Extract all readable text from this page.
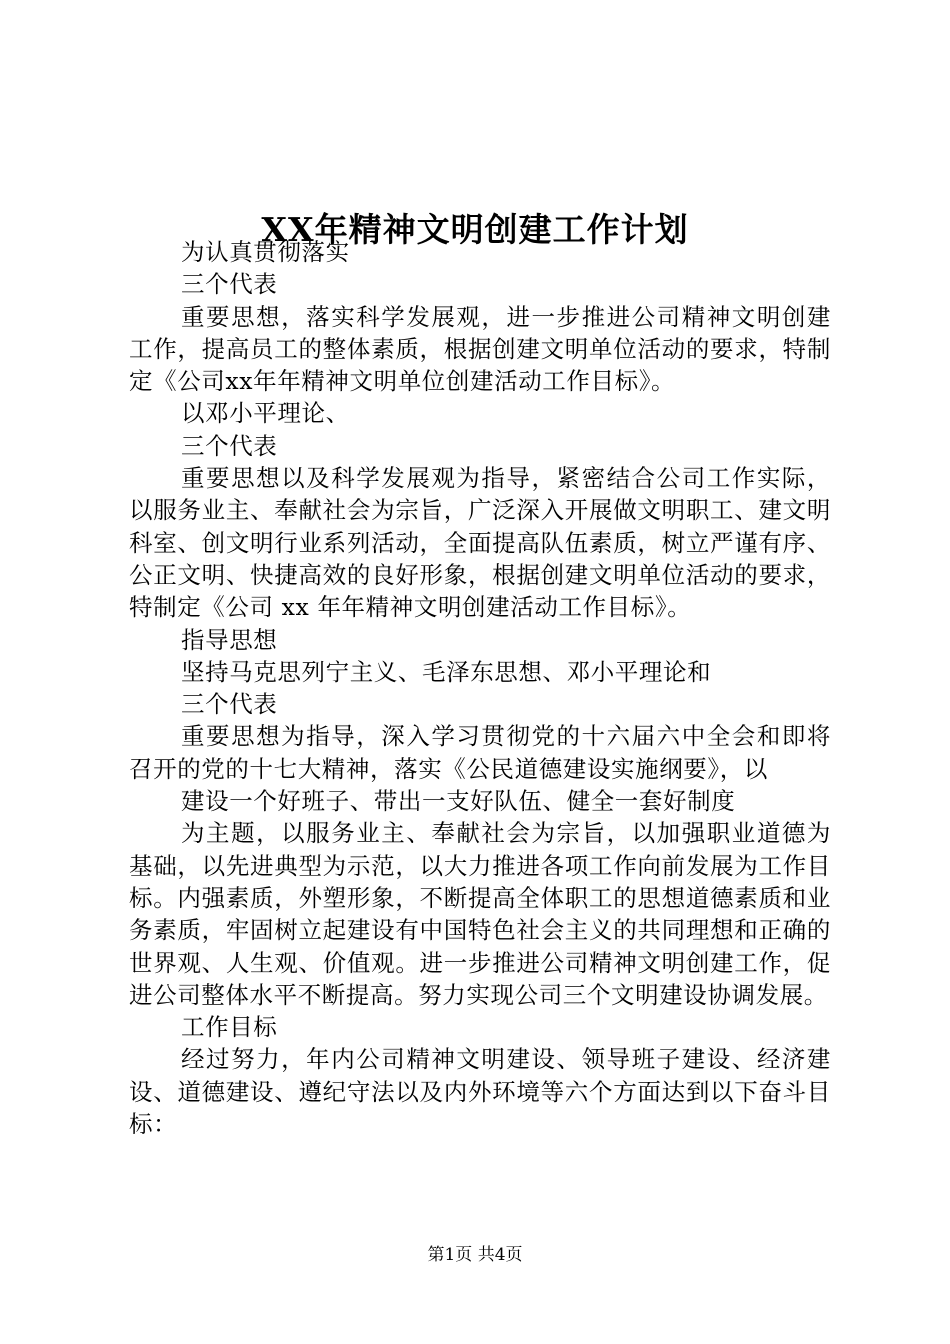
XX年精神文明创建工作计划

为认真贯彻落实

三个代表

重要思想，落实科学发展观，进一步推进公司精神文明创建工作，提高员工的整体素质，根据创建文明单位活动的要求，特制定《公司xx年年精神文明单位创建活动工作目标》。

以邓小平理论、

三个代表

重要思想以及科学发展观为指导，紧密结合公司工作实际，以服务业主、奉献社会为宗旨，广泛深入开展做文明职工、建文明科室、创文明行业系列活动，全面提高队伍素质，树立严谨有序、公正文明、快捷高效的良好形象，根据创建文明单位活动的要求，特制定《公司 xx 年年精神文明创建活动工作目标》。

指导思想

坚持马克思列宁主义、毛泽东思想、邓小平理论和

三个代表

重要思想为指导，深入学习贯彻党的十六届六中全会和即将召开的党的十七大精神，落实《公民道德建设实施纲要》，以

建设一个好班子、带出一支好队伍、健全一套好制度

为主题，以服务业主、奉献社会为宗旨，以加强职业道德为基础，以先进典型为示范，以大力推进各项工作向前发展为工作目标。内强素质，外塑形象，不断提高全体职工的思想道德素质和业务素质，牢固树立起建设有中国特色社会主义的共同理想和正确的世界观、人生观、价值观。进一步推进公司精神文明创建工作，促进公司整体水平不断提高。努力实现公司三个文明建设协调发展。

工作目标

经过努力，年内公司精神文明建设、领导班子建设、经济建设、道德建设、遵纪守法以及内外环境等六个方面达到以下奋斗目标：

第1页 共4页
